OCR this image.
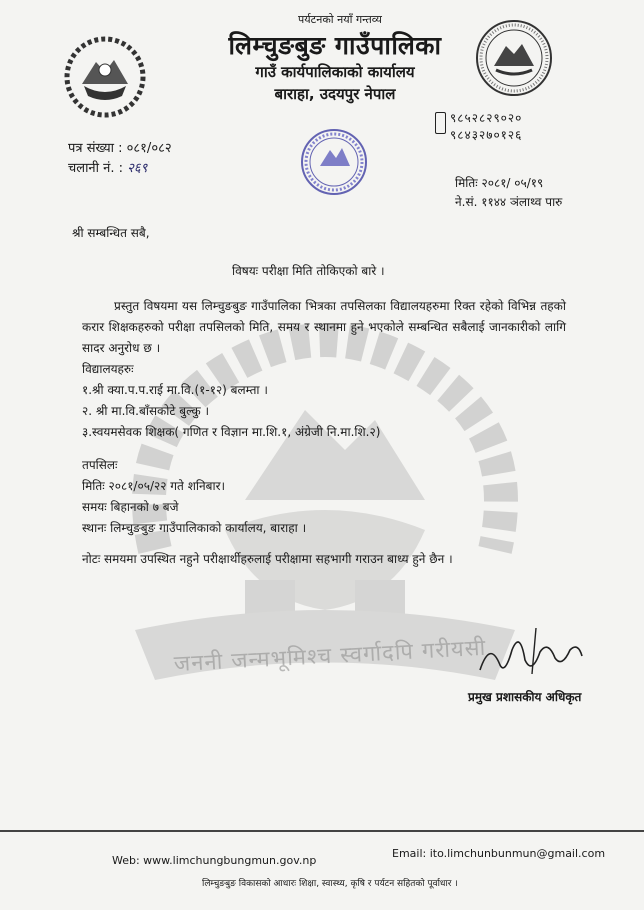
जननी जन्मभूमिश्च स्वर्गादपि गरीयसी
पर्यटनको नयाँ गन्तव्य
लिम्चुङबुङ गाउँपालिका
गाउँ कार्यपालिकाको कार्यालय
बाराहा, उदयपुर नेपाल
९८५२८२९०२०
९८४३२७०१२६
पत्र संख्या : ०८१/०८२
चलानी नं. : २६९
मितिः २०८१/ ०५/१९
ने.सं. ११४४ ञंलाथ्व पारु
श्री सम्बन्धित सबै,
विषयः परीक्षा मिति तोकिएको बारे ।

प्रस्तुत विषयमा यस लिम्चुङबुङ गाउँपालिका भित्रका तपसिलका विद्यालयहरुमा रिक्त रहेको विभिन्न तहको करार शिक्षकहरुको परीक्षा तपसिलको मिति, समय र स्थानमा हुने भएकोले सम्बन्धित सबैलाई जानकारीको लागि सादर अनुरोध छ ।

विद्यालयहरुः
१.श्री क्या.प.प.राई मा.वि.(१-१२) बलम्ता ।
२. श्री मा.वि.बाँसकोटे बुल्कु ।
३.स्वयमसेवक शिक्षक( गणित र विज्ञान मा.शि.१, अंग्रेजी नि.मा.शि.२)
तपसिलः
मितिः २०८१/०५/२२ गते शनिबार।
समयः बिहानको ७ बजे
स्थानः लिम्चुङबुङ गाउँपालिकाको कार्यालय, बाराहा ।
नोटः समयमा उपस्थित नहुने परीक्षार्थीहरुलाई परीक्षामा सहभागी गराउन बाध्य हुने छैन ।
प्रमुख प्रशासकीय अधिकृत
Web: www.limchungbungmun.gov.np
Email: ito.limchunbunmun@gmail.com
लिम्चुङबुङ विकासको आधारः शिक्षा, स्वास्थ्य, कृषि र पर्यटन सहितको पूर्वाधार ।
